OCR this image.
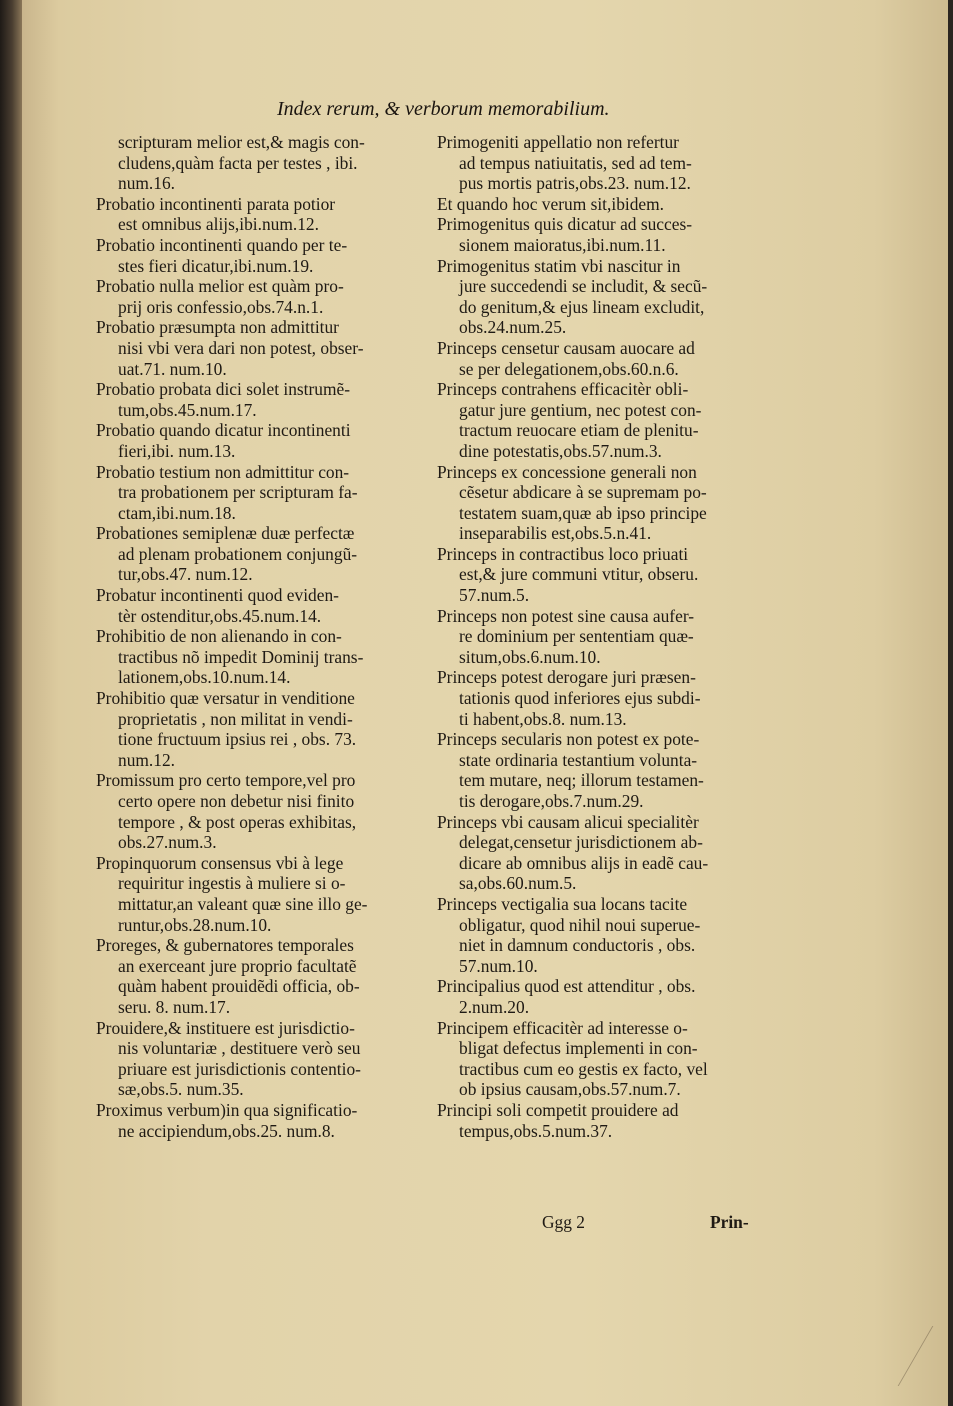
Index rerum, & verborum memorabilium.

scripturam melior est,& magis con-
cludens,quàm facta per testes , ibi.
num.16.

Probatio incontinenti parata potior
est omnibus alijs,ibi.num.12.

Probatio incontinenti quando per te-
stes fieri dicatur,ibi.num.19.

Probatio nulla melior est quàm pro-
prij oris confessio,obs.74.n.1.

Probatio præsumpta non admittitur
nisi vbi vera dari non potest, obser-
uat.71. num.10.

Probatio probata dici solet instrumẽ-
tum,obs.45.num.17.

Probatio quando dicatur incontinenti
fieri,ibi. num.13.

Probatio testium non admittitur con-
tra probationem per scripturam fa-
ctam,ibi.num.18.

Probationes semiplenæ duæ perfectæ
ad plenam probationem conjungũ-
tur,obs.47. num.12.

Probatur incontinenti quod eviden-
tèr ostenditur,obs.45.num.14.

Prohibitio de non alienando in con-
tractibus nõ impedit Dominij trans-
lationem,obs.10.num.14.

Prohibitio quæ versatur in venditione
proprietatis , non militat in vendi-
tione fructuum ipsius rei , obs. 73.
num.12.

Promissum pro certo tempore,vel pro
certo opere non debetur nisi finito
tempore , & post operas exhibitas,
obs.27.num.3.

Propinquorum consensus vbi à lege
requiritur ingestis à muliere si o-
mittatur,an valeant quæ sine illo ge-
runtur,obs.28.num.10.

Proreges, & gubernatores temporales
an exerceant jure proprio facultatẽ
quàm habent prouidẽdi officia, ob-
seru. 8. num.17.

Prouidere,& instituere est jurisdictio-
nis voluntariæ , destituere verò seu
priuare est jurisdictionis contentio-
sæ,obs.5. num.35.

Proximus verbum)in qua significatio-
ne accipiendum,obs.25. num.8.

Primogeniti appellatio non refertur
ad tempus natiuitatis, sed ad tem-
pus mortis patris,obs.23. num.12.

Et quando hoc verum sit,ibidem.

Primogenitus quis dicatur ad succes-
sionem maioratus,ibi.num.11.

Primogenitus statim vbi nascitur in
jure succedendi se includit, & secũ-
do genitum,& ejus lineam excludit,
obs.24.num.25.

Princeps censetur causam auocare ad
se per delegationem,obs.60.n.6.

Princeps contrahens efficacitèr obli-
gatur jure gentium, nec potest con-
tractum reuocare etiam de plenitu-
dine potestatis,obs.57.num.3.

Princeps ex concessione generali non
cẽsetur abdicare à se supremam po-
testatem suam,quæ ab ipso principe
inseparabilis est,obs.5.n.41.

Princeps in contractibus loco priuati
est,& jure communi vtitur, obseru.
57.num.5.

Princeps non potest sine causa aufer-
re dominium per sententiam quæ-
situm,obs.6.num.10.

Princeps potest derogare juri præsen-
tationis quod inferiores ejus subdi-
ti habent,obs.8. num.13.

Princeps secularis non potest ex pote-
state ordinaria testantium volunta-
tem mutare, neq; illorum testamen-
tis derogare,obs.7.num.29.

Princeps vbi causam alicui specialitèr
delegat,censetur jurisdictionem ab-
dicare ab omnibus alijs in eadẽ cau-
sa,obs.60.num.5.

Princeps vectigalia sua locans tacite
obligatur, quod nihil noui superue-
niet in damnum conductoris , obs.
57.num.10.

Principalius quod est attenditur , obs.
2.num.20.

Principem efficacitèr ad interesse o-
bligat defectus implementi in con-
tractibus cum eo gestis ex facto, vel
ob ipsius causam,obs.57.num.7.

Principi soli competit prouidere ad
tempus,obs.5.num.37.

Ggg 2	Prin-
